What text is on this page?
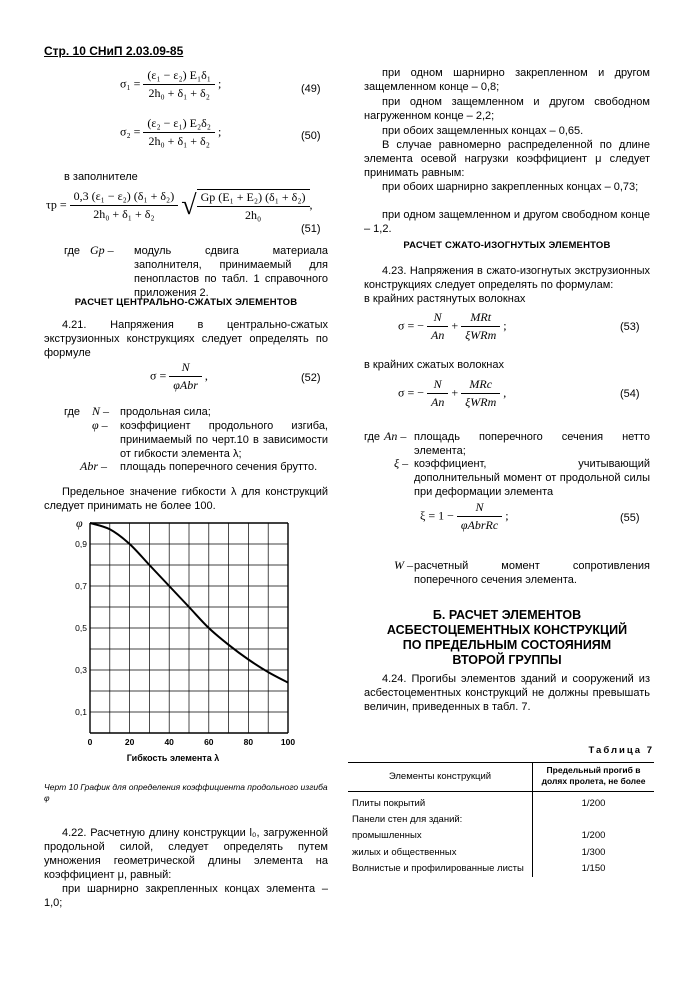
Стр. 10 СНиП 2.03.09-85
$\sigma_1 = \frac{\text{(ε₁ − ε₂) E₁δ₁}}{\text{2h₀ + δ₁ + δ₂}}$ ;	(49)
$\sigma_2 = \frac{\text{(ε₂ − ε₁) E₂δ₂}}{\text{2h₀ + δ₁ + δ₂}}$ ;	(50)
в заполнителе
$\tau p = \frac{\text{0,3 (ε₁ − ε₂) (δ₁ + δ₂)}}{\text{2h₀ + δ₁ + δ₂}}$ √ $\frac{\text{Gp (E₁ + E₂) (δ₁ + δ₂)}}{\text{2h₀}}$ ,
(51)
где Gp – модуль сдвига материала заполнителя, принимаемый для пенопластов по табл. 1 справочного приложения 2.
РАСЧЕТ ЦЕНТРАЛЬНО-СЖАТЫХ ЭЛЕМЕНТОВ
4.21. Напряжения в центрально-сжатых экструзионных конструкциях следует определять по формуле
$\sigma = \frac{N}{\text{φAbr}}$ ,	(52)
где N – продольная сила;
φ – коэффициент продольного изгиба, принимаемый по черт.10 в зависимости от гибкости элемента λ;
Abr – площадь поперечного сечения брутто.
Предельное значение гибкости λ для конструкций следует принимать не более 100.
0,1
0,3
0,5
0,7
0,9
0	20	40	60	80	100
φ
Гибкость элемента λ
Черт 10 График для определения коэффициента продольного изгиба φ
4.22. Расчетную длину конструкции l₀, загруженной продольной силой, следует определять путем умножения геометрической длины элемента на коэффициент μ, равный:
при шарнирно закрепленных концах элемента – 1,0;
при одном шарнирно закрепленном и другом защемленном конце – 0,8;
при одном защемленном и другом свободном нагруженном конце – 2,2;
при обоих защемленных концах – 0,65.
В случае равномерно распределенной по длине элемента осевой нагрузки коэффициент μ следует принимать равным:
при обоих шарнирно закрепленных концах – 0,73;
при одном защемленном и другом свободном конце – 1,2.
РАСЧЕТ СЖАТО-ИЗОГНУТЫХ ЭЛЕМЕНТОВ
4.23. Напряжения в сжато-изогнутых экструзионных конструкциях следует определять по формулам:
в крайних растянутых волокнах
σ = − $\frac{N}{An} + \frac{\text{MRt}}{\text{ξWRm}}$ ;	(53)
в крайних сжатых волокнах
σ = − $\frac{N}{An} + \frac{\text{MRc}}{\text{ξWRm}}$ ,	(54)
где An – площадь поперечного сечения нетто элемента;
ξ – коэффициент, учитывающий дополнительный момент от продольной силы при деформации элемента
$\xi = 1 - \frac{N}{\text{φAbrRc}}$ ;	(55)
W – расчетный момент сопротивления поперечного сечения элемента.
Б. РАСЧЕТ ЭЛЕМЕНТОВ
АСБЕСТОЦЕМЕНТНЫХ КОНСТРУКЦИЙ
ПО ПРЕДЕЛЬНЫМ СОСТОЯНИЯМ
ВТОРОЙ ГРУППЫ
4.24. Прогибы элементов зданий и сооружений из асбестоцементных конструкций не должны превышать величин, приведенных в табл. 7.
Таблица 7
Элементы конструкций	Предельный прогиб в долях пролета, не более
Плиты покрытий	1/200
Панели стен для зданий:	
промышленных	1/200
жилых и общественных	1/300
Волнистые и профилированные листы	1/150
